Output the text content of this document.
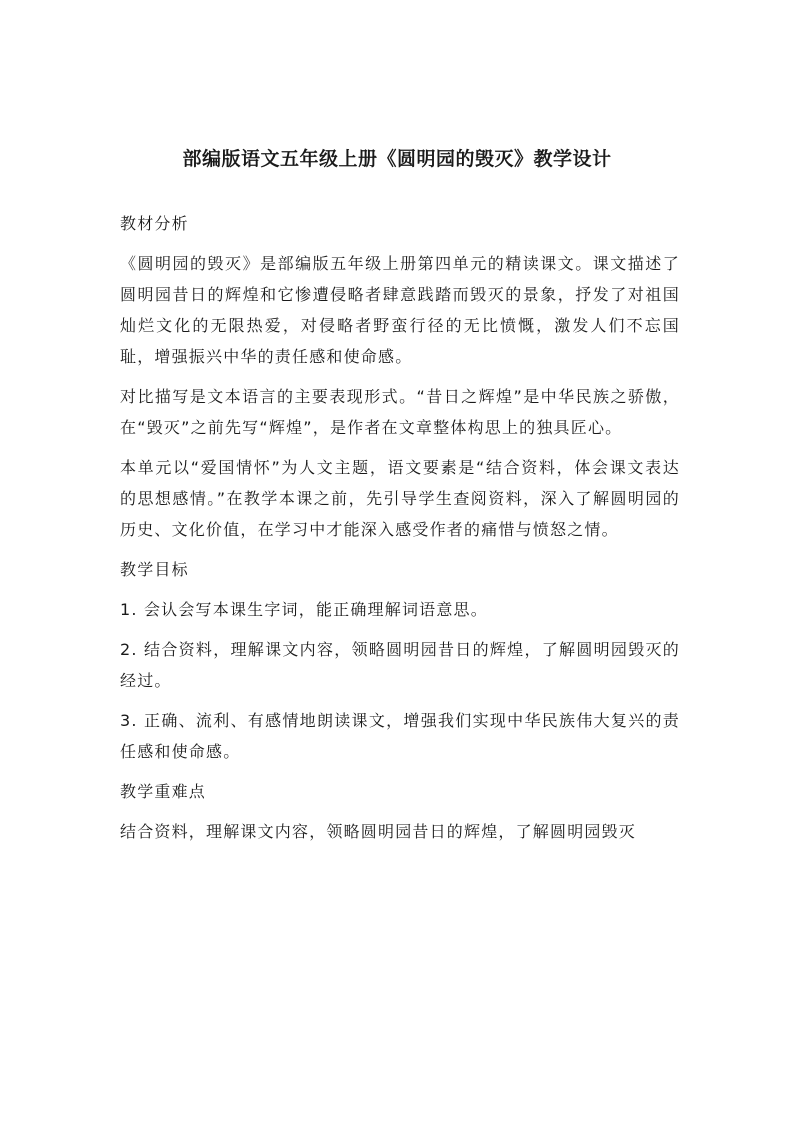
部编版语文五年级上册《圆明园的毁灭》教学设计

教材分析

《圆明园的毁灭》是部编版五年级上册第四单元的精读课文。课文描述了圆明园昔日的辉煌和它惨遭侵略者肆意践踏而毁灭的景象，抒发了对祖国灿烂文化的无限热爱，对侵略者野蛮行径的无比愤慨，激发人们不忘国耻，增强振兴中华的责任感和使命感。

对比描写是文本语言的主要表现形式。“昔日之辉煌”是中华民族之骄傲，在“毁灭”之前先写“辉煌”，是作者在文章整体构思上的独具匠心。

本单元以“爱国情怀”为人文主题，语文要素是“结合资料，体会课文表达的思想感情。”在教学本课之前，先引导学生查阅资料，深入了解圆明园的历史、文化价值，在学习中才能深入感受作者的痛惜与愤怒之情。

教学目标

1. 会认会写本课生字词，能正确理解词语意思。

2. 结合资料，理解课文内容，领略圆明园昔日的辉煌，了解圆明园毁灭的经过。

3. 正确、流利、有感情地朗读课文，增强我们实现中华民族伟大复兴的责任感和使命感。

教学重难点

结合资料，理解课文内容，领略圆明园昔日的辉煌，了解圆明园毁灭
